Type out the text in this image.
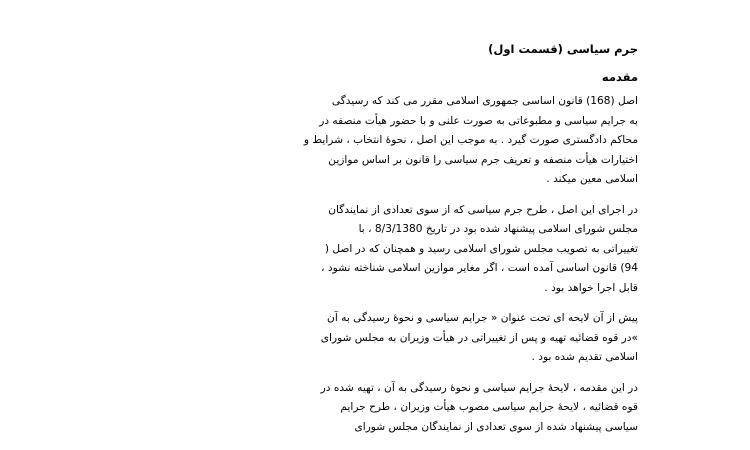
جرم سیاسی (قسمت اول)
مقدمه
اصل (168) قانون اساسی جمهوری اسلامی مقرر می کند که رسیدگی
به جرایم سیاسی و مطبوعاتی به صورت علنی و با حضور هیأت منصفه در
محاکم دادگستری صورت گیرد . به موجب این اصل ، نحوۀ انتخاب ، شرایط و
اختیارات هیأت منصفه و تعریف جرم سیاسی را قانون بر اساس موازین
اسلامی معین میکند .
در اجرای این اصل ، طرح جرم سیاسی که از سوی تعدادی از نمایندگان
مجلس شورای اسلامی پیشنهاد شده بود در تاریخ 8/3/1380 ، با
تغییراتی به تصویب مجلس شورای اسلامی رسید و همچنان که در اصل (
94) قانون اساسی آمده است ، اگر مغایر موازین اسلامی شناخته نشود ،
قابل اجرا خواهد بود .
پیش از آن لایحه ای تحت عنوان « جرایم سیاسی و نحوۀ رسیدگی به آن
»در قوه قضائیه تهیه و پس از تغییراتی در هیأت وزیران به مجلس شورای
اسلامی تقدیم شده بود .
در این مقدمه ، لایحۀ جرایم سیاسی و نحوۀ رسیدگی به آن ، تهیه شده در
قوه قضائیه ، لایحۀ جرایم سیاسی مصوب هیأت وزیران ، طرح جرایم
سیاسی پیشنهاد شده از سوی تعدادی از نمایندگان مجلس شورای
